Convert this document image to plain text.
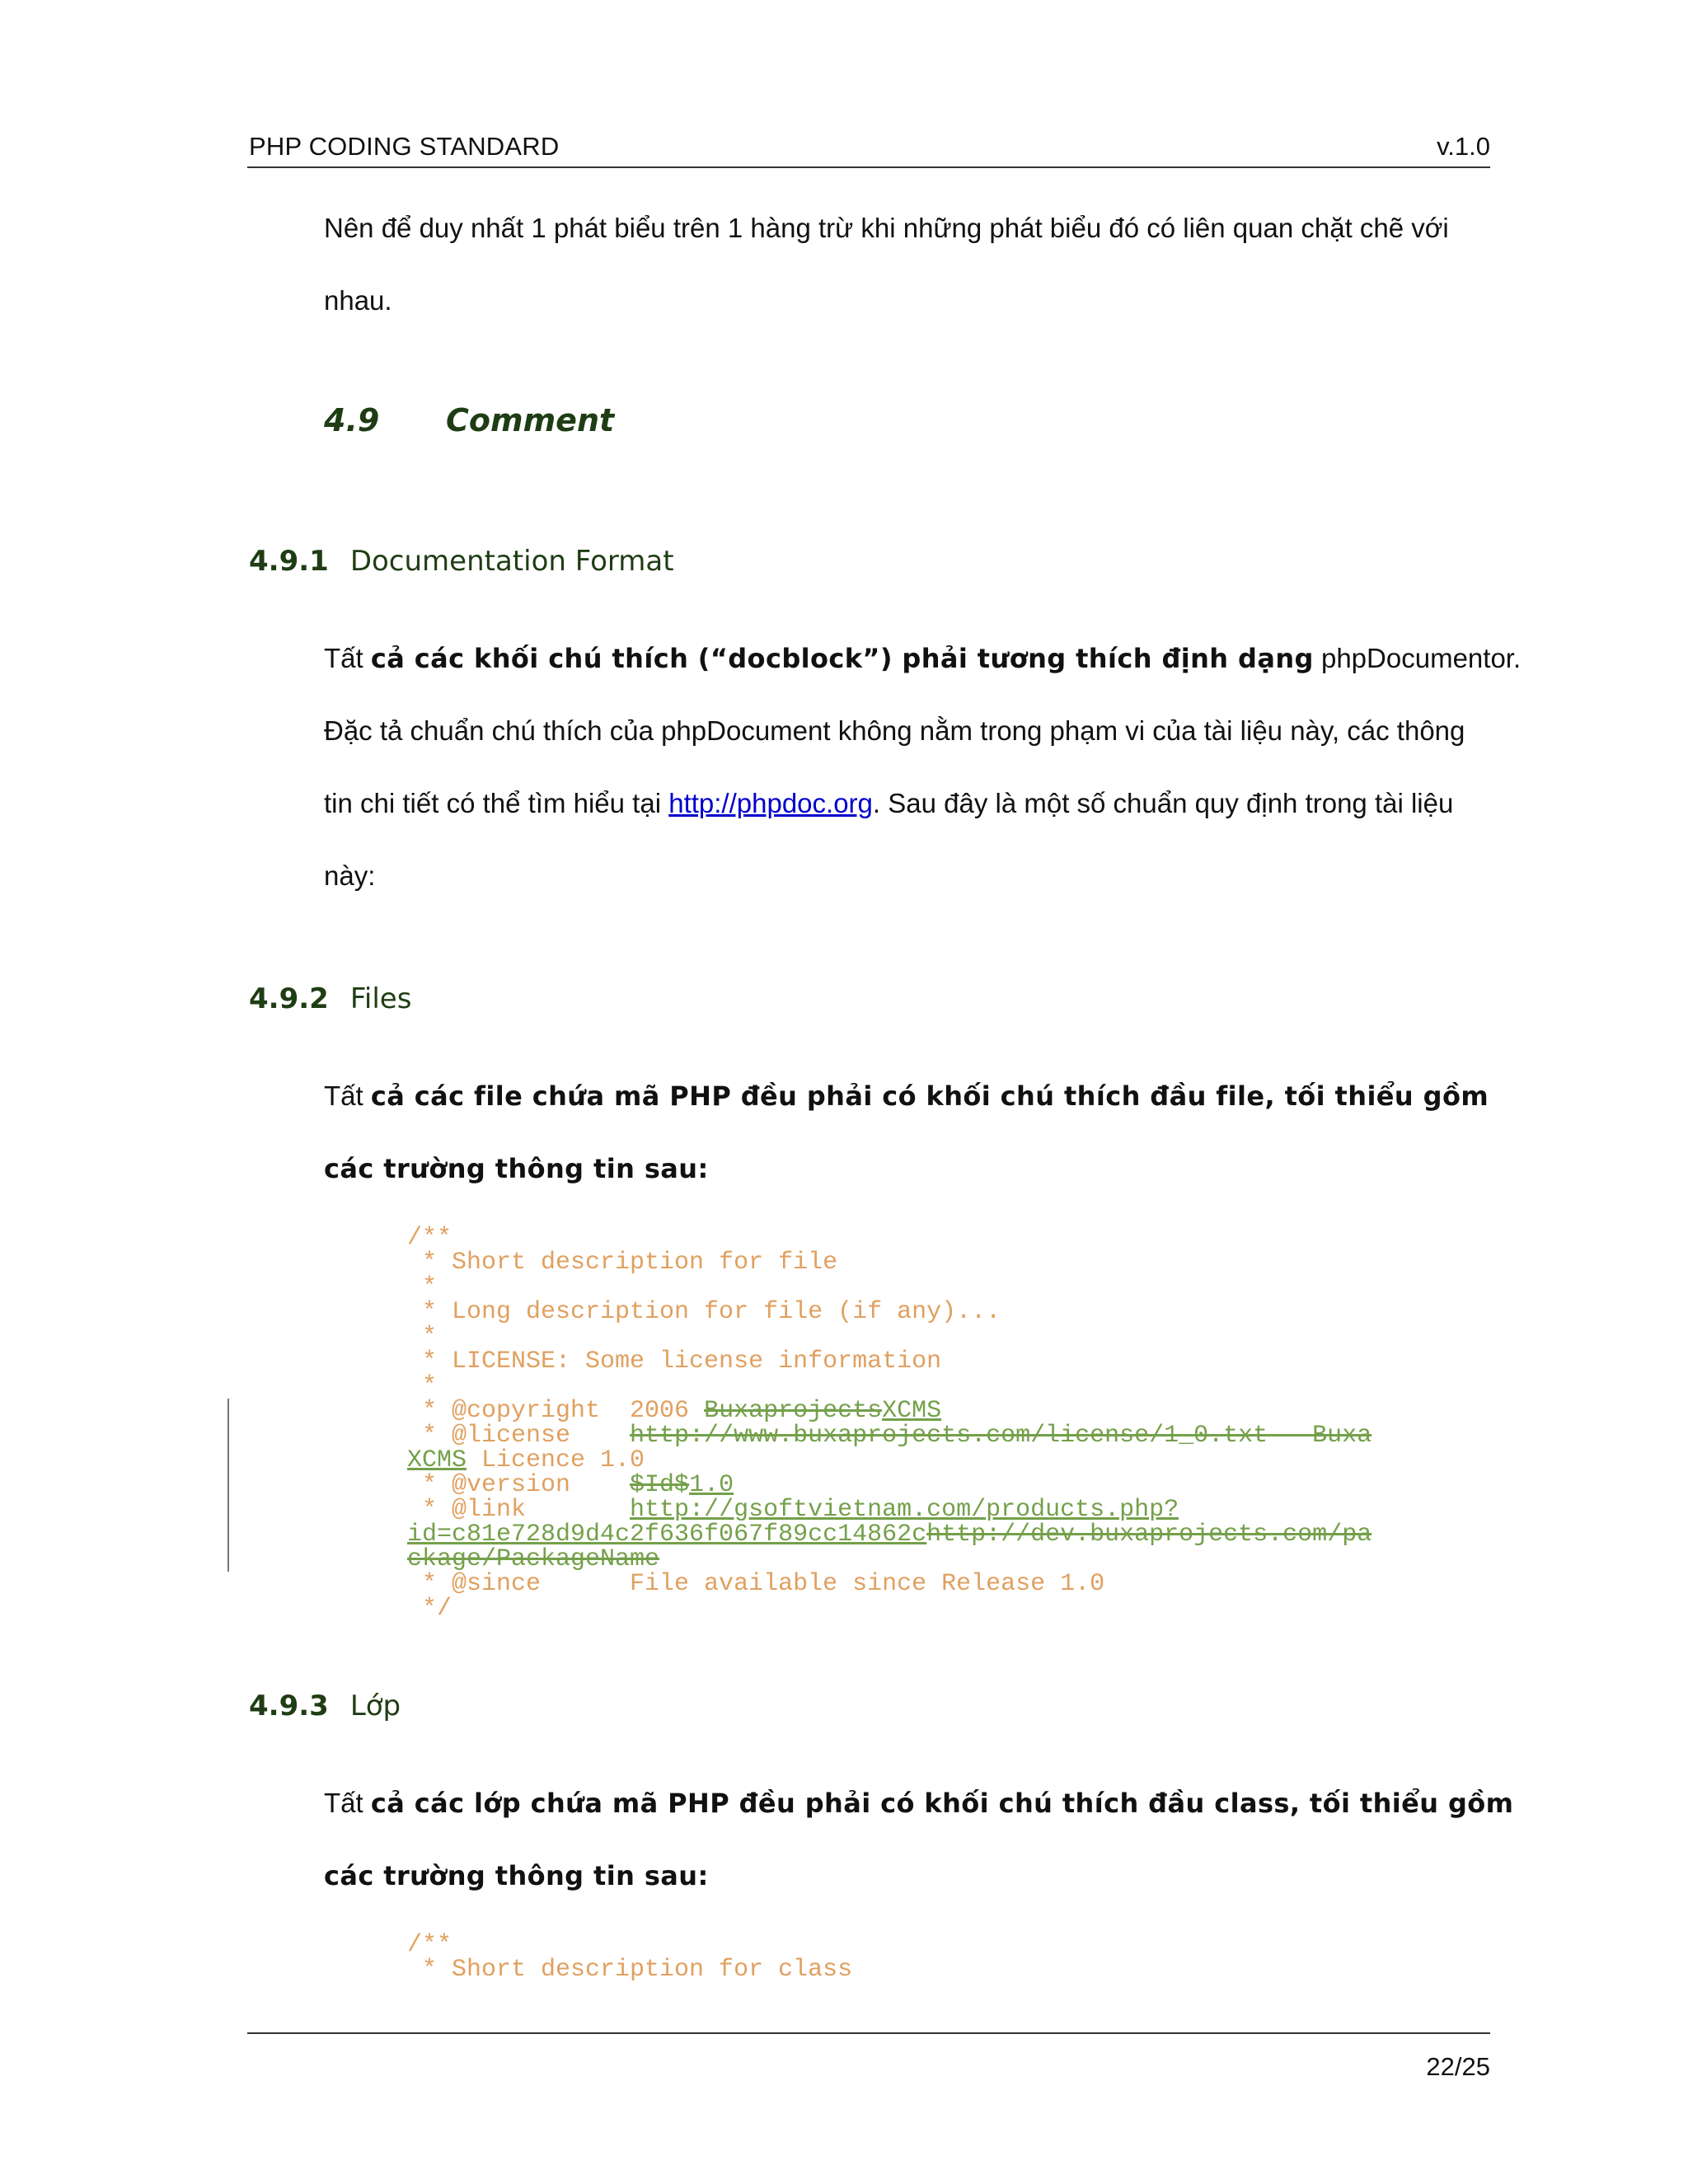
PHP CODING STANDARD	v.1.0
Nên để duy nhất 1 phát biểu trên 1 hàng trừ khi những phát biểu đó có liên quan chặt chẽ với
nhau.
4.9 Comment
4.9.1 Documentation Format
Tất cả các khối chú thích (“docblock”) phải tương thích định dạng phpDocumentor.
Đặc tả chuẩn chú thích của phpDocument không nằm trong phạm vi của tài liệu này, các thông
tin chi tiết có thể tìm hiểu tại http://phpdoc.org. Sau đây là một số chuẩn quy định trong tài liệu
này:
4.9.2 Files
Tất cả các file chứa mã PHP đều phải có khối chú thích đầu file, tối thiểu gồm
các trường thông tin sau:
/**
* Short description for file
*
* Long description for file (if any)...
*
* LICENSE: Some license information
*
* @copyright  2006 BuxaprojectsXCMS
* @license    http://www.buxaprojects.com/license/1_0.txt   Buxa
XCMS Licence 1.0
* @version    $Id$1.0
* @link       http://gsoftvietnam.com/products.php?
id=c81e728d9d4c2f636f067f89cc14862chttp://dev.buxaprojects.com/pa
ckage/PackageName
* @since      File available since Release 1.0
*/
4.9.3 Lớp
Tất cả các lớp chứa mã PHP đều phải có khối chú thích đầu class, tối thiểu gồm
các trường thông tin sau:
/**
* Short description for class
22/25
